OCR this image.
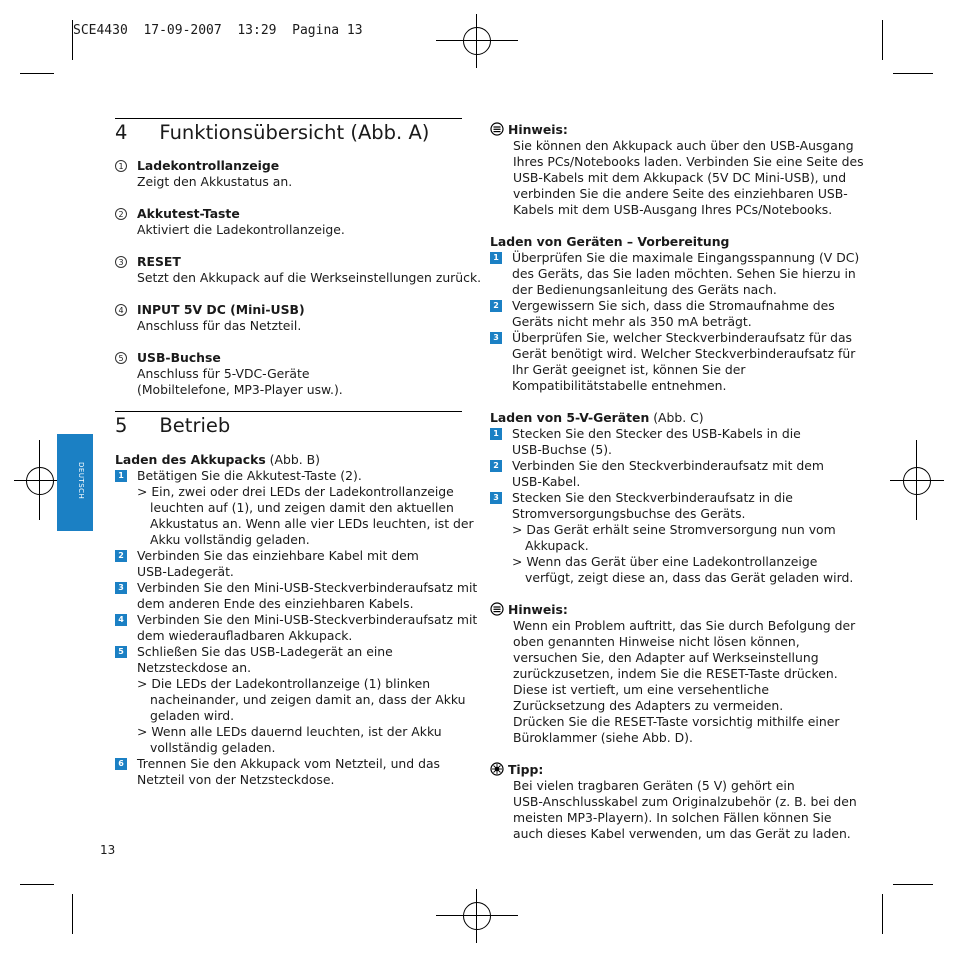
SCE4430  17-09-2007  13:29  Pagina 13
DEUTSCH
4 Funktionsübersicht (Abb. A)
1 Ladekontrollanzeige
Zeigt den Akkustatus an.
2 Akkutest-Taste
Aktiviert die Ladekontrollanzeige.
3 RESET
Setzt den Akkupack auf die Werkseinstellungen zurück.
4 INPUT 5V DC (Mini-USB)
Anschluss für das Netzteil.
5 USB-Buchse
Anschluss für 5-VDC-Geräte
(Mobiltelefone, MP3-Player usw.).
5 Betrieb
Laden des Akkupacks (Abb. B)
1 Betätigen Sie die Akkutest-Taste (2).
> Ein, zwei oder drei LEDs der Ladekontrollanzeige
leuchten auf (1), und zeigen damit den aktuellen
Akkustatus an. Wenn alle vier LEDs leuchten, ist der
Akku vollständig geladen.
2 Verbinden Sie das einziehbare Kabel mit dem
USB-Ladegerät.
3 Verbinden Sie den Mini-USB-Steckverbinderaufsatz mit
dem anderen Ende des einziehbaren Kabels.
4 Verbinden Sie den Mini-USB-Steckverbinderaufsatz mit
dem wiederaufladbaren Akkupack.
5 Schließen Sie das USB-Ladegerät an eine
Netzsteckdose an.
> Die LEDs der Ladekontrollanzeige (1) blinken
nacheinander, und zeigen damit an, dass der Akku
geladen wird.
> Wenn alle LEDs dauernd leuchten, ist der Akku
vollständig geladen.
6 Trennen Sie den Akkupack vom Netzteil, und das
Netzteil von der Netzsteckdose.
13
Hinweis:
Sie können den Akkupack auch über den USB-Ausgang
Ihres PCs/Notebooks laden. Verbinden Sie eine Seite des
USB-Kabels mit dem Akkupack (5V DC Mini-USB), und
verbinden Sie die andere Seite des einziehbaren USB-
Kabels mit dem USB-Ausgang Ihres PCs/Notebooks.
Laden von Geräten – Vorbereitung
1 Überprüfen Sie die maximale Eingangsspannung (V DC)
des Geräts, das Sie laden möchten. Sehen Sie hierzu in
der Bedienungsanleitung des Geräts nach.
2 Vergewissern Sie sich, dass die Stromaufnahme des
Geräts nicht mehr als 350 mA beträgt.
3 Überprüfen Sie, welcher Steckverbinderaufsatz für das
Gerät benötigt wird. Welcher Steckverbinderaufsatz für
Ihr Gerät geeignet ist, können Sie der
Kompatibilitätstabelle entnehmen.
Laden von 5-V-Geräten (Abb. C)
1 Stecken Sie den Stecker des USB-Kabels in die
USB-Buchse (5).
2 Verbinden Sie den Steckverbinderaufsatz mit dem
USB-Kabel.
3 Stecken Sie den Steckverbinderaufsatz in die
Stromversorgungsbuchse des Geräts.
> Das Gerät erhält seine Stromversorgung nun vom
Akkupack.
> Wenn das Gerät über eine Ladekontrollanzeige
verfügt, zeigt diese an, dass das Gerät geladen wird.
Hinweis:
Wenn ein Problem auftritt, das Sie durch Befolgung der
oben genannten Hinweise nicht lösen können,
versuchen Sie, den Adapter auf Werkseinstellung
zurückzusetzen, indem Sie die RESET-Taste drücken.
Diese ist vertieft, um eine versehentliche
Zurücksetzung des Adapters zu vermeiden.
Drücken Sie die RESET-Taste vorsichtig mithilfe einer
Büroklammer (siehe Abb. D).
Tipp:
Bei vielen tragbaren Geräten (5 V) gehört ein
USB-Anschlusskabel zum Originalzubehör (z. B. bei den
meisten MP3-Playern). In solchen Fällen können Sie
auch dieses Kabel verwenden, um das Gerät zu laden.
